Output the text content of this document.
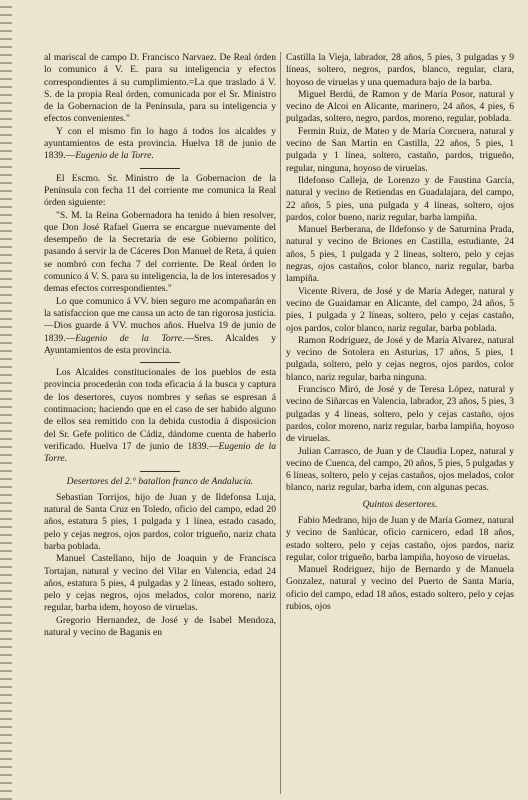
al mariscal de campo D. Francisco Narvaez. De Real órden lo comunico á V. E. para su inteligencia y efectos correspondientes á su cumplimiento.=La que traslado á V. S. de la propia Real órden, comunicada por el Sr. Ministro de la Gobernacion de la Península, para su inteligencia y efectos convenientes."

Y con el mismo fin lo hago á todos los alcaldes y ayuntamientos de esta provincia. Huelva 18 de junio de 1839.—Eugenio de la Torre.

El Escmo. Sr. Ministro de la Gobernacion de la Península con fecha 11 del corriente me comunica la Real órden siguiente:

"S. M. la Reina Gobernadora ha tenido á bien resolver, que Don José Rafael Guerra se encargue nuevamente del desempeño de la Secretaría de ese Gobierno político, pasando á servir la de Cáceres Don Manuel de Reta, á quien se nombró con fecha 7 del corriente. De Real órden lo comunico á V. S. para su inteligencia, la de los interesados y demas efectos correspondientes."

Lo que comunico á VV. bien seguro me acompañarán en la satisfaccion que me causa un acto de tan rigorosa justicia.—Dios guarde á VV. muchos años. Huelva 19 de junio de 1839.—Eugenio de la Torre.—Sres. Alcaldes y Ayuntamientos de esta provincia.

Los Alcaldes constitucionales de los pueblos de esta provincia procederán con toda eficacia á la busca y captura de los desertores, cuyos nombres y señas se espresan á continuacion; haciendo que en el caso de ser habido alguno de ellos sea remitido con la debida custodia á disposicion del Sr. Gefe político de Cádiz, dándome cuenta de haberlo verificado. Huelva 17 de junio de 1839.—Eugenio de la Torre.

Desertores del 2.° batallon franco de Andalucía.

Sebastian Torrijos, hijo de Juan y de Ildefonsa Luja, natural de Santa Cruz en Toledo, oficio del campo, edad 20 años, estatura 5 pies, 1 pulgada y 1 línea, estado casado, pelo y cejas negros, ojos pardos, color trigueño, nariz chata barba poblada.

Manuel Castellano, hijo de Joaquin y de Francisca Tortajan, natural y vecino del Vilar en Valencia, edad 24 años, estatura 5 pies, 4 pulgadas y 2 líneas, estado soltero, pelo y cejas negros, ojos melados, color moreno, nariz regular, barba idem, hoyoso de viruelas.

Gregorio Hernandez, de José y de Isabel Mendoza, natural y vecino de Baganis en

Castilla la Vieja, labrador, 28 años, 5 pies, 3 pulgadas y 9 líneas, soltero, negros, pardos, blanco, regular, clara, hoyoso de viruelas y una quemadura bajo de la barba.

Miguel Berdú, de Ramon y de María Posor, natural y vecino de Alcoi en Alicante, marinero, 24 años, 4 pies, 6 pulgadas, soltero, negro, pardos, moreno, regular, poblada.

Fermin Ruiz, de Mateo y de María Corcuera, natural y vecino de San Martin en Castilla, 22 años, 5 pies, 1 pulgada y 1 línea, soltero, castaño, pardos, trigueño, regular, ninguna, hoyoso de viruelas.

Ildefonso Calleja, de Lorenzo y de Faustina García, natural y vecino de Retiendas en Guadalajara, del campo, 22 años, 5 pies, una pulgada y 4 líneas, soltero, ojos pardos, color bueno, nariz regular, barba lampiña.

Manuel Berberana, de Ildefonso y de Saturnina Prada, natural y vecino de Briones en Castilla, estudiante, 24 años, 5 pies, 1 pulgada y 2 líneas, soltero, pelo y cejas negras, ojos castaños, color blanco, nariz regular, barba lampiña.

Vicente Rivera, de José y de María Adeger, natural y vecino de Guaidamar en Alicante, del campo, 24 años, 5 pies, 1 pulgada y 2 líneas, soltero, pelo y cejas castaño, ojos pardos, color blanco, nariz regular, barba poblada.

Ramon Rodriguez, de José y de María Alvarez, natural y vecino de Sotolera en Asturias, 17 años, 5 pies, 1 pulgada, soltero, pelo y cejas negros, ojos pardos, color blanco, nariz regular, barba ninguna.

Francisco Miró, de José y de Teresa López, natural y vecino de Siñarcas en Valencia, labrador, 23 años, 5 pies, 3 pulgadas y 4 líneas, soltero, pelo y cejas castaño, ojos pardos, color moreno, nariz regular, barba lampiña, hoyoso de viruelas.

Julian Carrasco, de Juan y de Claudia Lopez, natural y vecino de Cuenca, del campo, 20 años, 5 pies, 5 pulgadas y 6 líneas, soltero, pelo y cejas castaños, ojos melados, color blanco, nariz regular, barba idem, con algunas pecas.

Quintos desertores.

Fabio Medrano, hijo de Juan y de María Gomez, natural y vecino de Sanlúcar, oficio carnicero, edad 18 años, estado soltero, pelo y cejas castaño, ojos pardos, nariz regular, color trigueño, barba lampiña, hoyoso de viruelas.

Manuel Rodriguez, hijo de Bernardo y de Manuela Gonzalez, natural y vecino del Puerto de Santa María, oficio del campo, edad 18 años, estado soltero, pelo y cejas rubios, ojos
